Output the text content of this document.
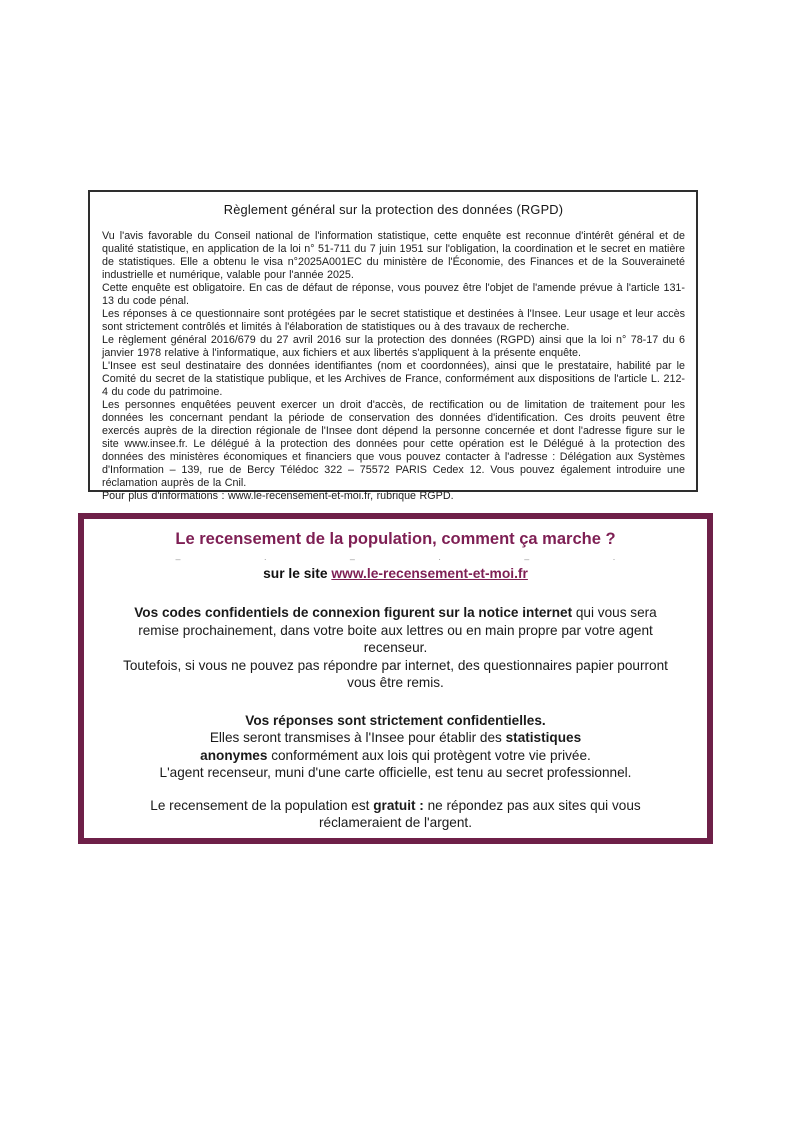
Règlement général sur la protection des données (RGPD)

Vu l'avis favorable du Conseil national de l'information statistique, cette enquête est reconnue d'intérêt général et de qualité statistique, en application de la loi n° 51-711 du 7 juin 1951 sur l'obligation, la coordination et le secret en matière de statistiques. Elle a obtenu le visa n°2025A001EC du ministère de l'Économie, des Finances et de la Souveraineté industrielle et numérique, valable pour l'année 2025.

Cette enquête est obligatoire. En cas de défaut de réponse, vous pouvez être l'objet de l'amende prévue à l'article 131-13 du code pénal.

Les réponses à ce questionnaire sont protégées par le secret statistique et destinées à l'Insee. Leur usage et leur accès sont strictement contrôlés et limités à l'élaboration de statistiques ou à des travaux de recherche.

Le règlement général 2016/679 du 27 avril 2016 sur la protection des données (RGPD) ainsi que la loi n° 78-17 du 6 janvier 1978 relative à l'informatique, aux fichiers et aux libertés s'appliquent à la présente enquête.

L'Insee est seul destinataire des données identifiantes (nom et coordonnées), ainsi que le prestataire, habilité par le Comité du secret de la statistique publique, et les Archives de France, conformément aux dispositions de l'article L. 212-4 du code du patrimoine.

Les personnes enquêtées peuvent exercer un droit d'accès, de rectification ou de limitation de traitement pour les données les concernant pendant la période de conservation des données d'identification. Ces droits peuvent être exercés auprès de la direction régionale de l'Insee dont dépend la personne concernée et dont l'adresse figure sur le site www.insee.fr. Le délégué à la protection des données pour cette opération est le Délégué à la protection des données des ministères économiques et financiers que vous pouvez contacter à l'adresse : Délégation aux Systèmes d'Information – 139, rue de Bercy Télédoc 322 – 75572 PARIS Cedex 12. Vous pouvez également introduire une réclamation auprès de la Cnil.

Pour plus d'informations : www.le-recensement-et-moi.fr, rubrique RGPD.

Le recensement de la population, comment ça marche ?
–	·	–	·	–	·
sur le site www.le-recensement-et-moi.fr
Vos codes confidentiels de connexion figurent sur la notice internet qui vous sera
remise prochainement, dans votre boite aux lettres ou en main propre par votre agent
recenseur.
Toutefois, si vous ne pouvez pas répondre par internet, des questionnaires papier pourront
vous être remis.
Vos réponses sont strictement confidentielles.
Elles seront transmises à l'Insee pour établir des statistiques
anonymes conformément aux lois qui protègent votre vie privée.
L'agent recenseur, muni d'une carte officielle, est tenu au secret professionnel.
Le recensement de la population est gratuit : ne répondez pas aux sites qui vous
réclameraient de l'argent.
